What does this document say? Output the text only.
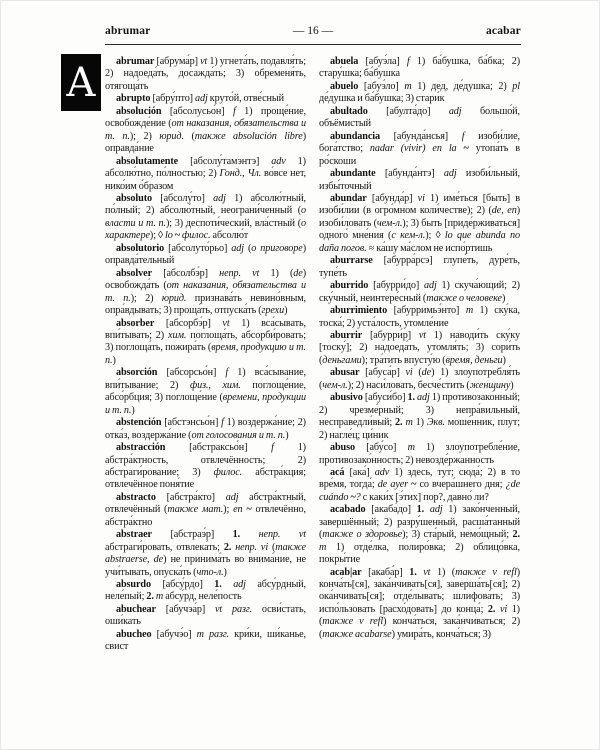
A
abrumar	— 16 —	acabar

abrumar [абрума́р] vt 1) угнета́ть, подавля́ть; 2) надоеда́ть, досажда́ть; 3) обременя́ть, отягоща́ть

abrupto [абру́пто] adj круто́й, отве́сный

absolución [абсолусьо́н] f 1) проще́ние, освобожде́ние (от наказания, обязательства и т. п.); 2) юрид. (также absolución libre) оправда́ние

absolutamente [абсолу́тамэнтэ] adv 1) абсолю́тно, по́лностью; 2) Гонд., Чл. во́все нет, нико́им о́бразом

absoluto [абсолу́то] adj 1) абсолю́тный, по́лный; 2) абсолю́тный, неограни́ченный (о власти и т. п.); 3) деспоти́ческий, вла́стный (о характере); ◊ lo ~ филос. абсолю́т

absolutorio [абсолуто́рьо] adj (о приговоре) оправда́тельный

absolver [абсолбэ́р] непр. vt 1) (de) освобожда́ть (от наказания, обязательства и т. п.); 2) юрид. признава́ть невино́вным, опра́вдывать; 3) проща́ть, отпуска́ть (грехи)

absorber [абсорбэ́р] vt 1) вса́сывать, впи́тывать; 2) хим. поглоща́ть, абсорби́ровать; 3) поглоща́ть, пожира́ть (время, продукцию и т. п.)

absorción [абсорсьо́н] f 1) вса́сывание, впи́тывание; 2) физ., хим. поглоще́ние, абсо́рбция; 3) поглоще́ние (времени, продукции и т. п.)

abstención [абстэнсьо́н] f 1) воздержа́ние; 2) отка́з, воздержа́ние (от голосования и т. п.)

abstracción [абстраксьо́н] f 1) абстра́ктность, отвлечённость; 2) абстраги́рование; 3) филос. абстра́кция; отвлечённое поня́тие

abstracto [абстра́кто] adj абстра́ктный, отвлечённый (также мат.); en ~ отвлечённо, абстра́ктно

abstraer [абстраэ́р] 1. непр. vt абстраги́ровать, отвлека́ть; 2. непр. vi (также abstraerse, de) не принима́ть во внима́ние, не учи́тывать, опуска́ть (что-л.)

absurdo [абсу́рдо] 1. adj абсу́рдный, неле́пый; 2. m абсу́рд, неле́пость

abuchear [абучэа́р] vt разг. осви́стать, оши́кать

abucheo [абучэ́о] m разг. кри́ки, ши́канье, свист

abuela [абуэ́ла] f 1) ба́бушка, ба́бка; 2) стару́шка; ба́бушка

abuelo [абуэ́ло] m 1) дед, де́душка; 2) pl де́душка и ба́бушка; 3) стари́к

abultado [абулта́до] adj большо́й, объёмистый

abundancia [абунда́нсья] f изоби́лие, бога́тство; nadar (vivir) en la ~ утопа́ть в ро́скоши

abundante [абунда́нтэ] adj изоби́льный, избы́точный

abundar [абунда́р] vi 1) име́ться [быть] в изоби́лии (в огро́мном коли́честве); 2) (de, en) изоби́ловать (чем-л.); 3) быть [приде́рживаться] одного́ мне́ния (с кем-л.); ◊ lo que abunda no daña погов. ≈ ка́шу ма́слом не испо́ртишь

aburrarse [абурра́рсэ] глупе́ть, дуре́ть, тупе́ть

aburrido [абурри́до] adj 1) скуча́ющий; 2) ску́чный, неинтере́сный (также о человеке)

aburrimiento [абурримьэ́нто] m 1) ску́ка, тоска́; 2) уста́лость, утомле́ние

aburrir [абурри́р] vt 1) наводи́ть ску́ку [тоску́]; 2) надоеда́ть, утомля́ть; 3) сори́ть (деньгами); тра́тить впусту́ю (время, деньги)

abusar [абуса́р] vi (de) 1) злоупотребля́ть (чем-л.); 2) наси́ловать, бесче́стить (женщину)

abusivo [абуси́бо] 1. adj 1) противозако́нный; 2) чрезме́рный; 3) непра́вильный, несправедли́вый; 2. m 1) Экв. моше́нник, плут; 2) нагле́ц; ци́ник

abuso [абу́со] m 1) злоупотребле́ние, противозако́нность; 2) невозде́ржанность

acá [ака́] adv 1) здесь, тут; сюда́; 2) в то вре́мя, тогда́; de ayer ~ со вчера́шнего дня; ¿de cuándo ~? с каки́х [э́тих] пор?, давно́ ли?

acabado [акаба́до] 1. adj 1) зако́нченный, завершённый; 2) разру́шенный, расша́танный (также о здоровье); 3) ста́рый, немо́щный; 2. m 1) отде́лка, полиро́вка; 2) облицо́вка, покры́тие

acab|ar [акаба́р] 1. vt 1) (также v refl) конча́ть[ся], зака́нчивать[ся], заверша́ть[ся]; 2) ока́нчивать[ся]; отде́лывать; шлифова́ть; 3) испо́льзовать [расхо́довать] до конца́; 2. vi 1) (также v refl) конча́ться, зака́нчиваться; 2) (также acabarse) умира́ть, конча́ться; 3)
